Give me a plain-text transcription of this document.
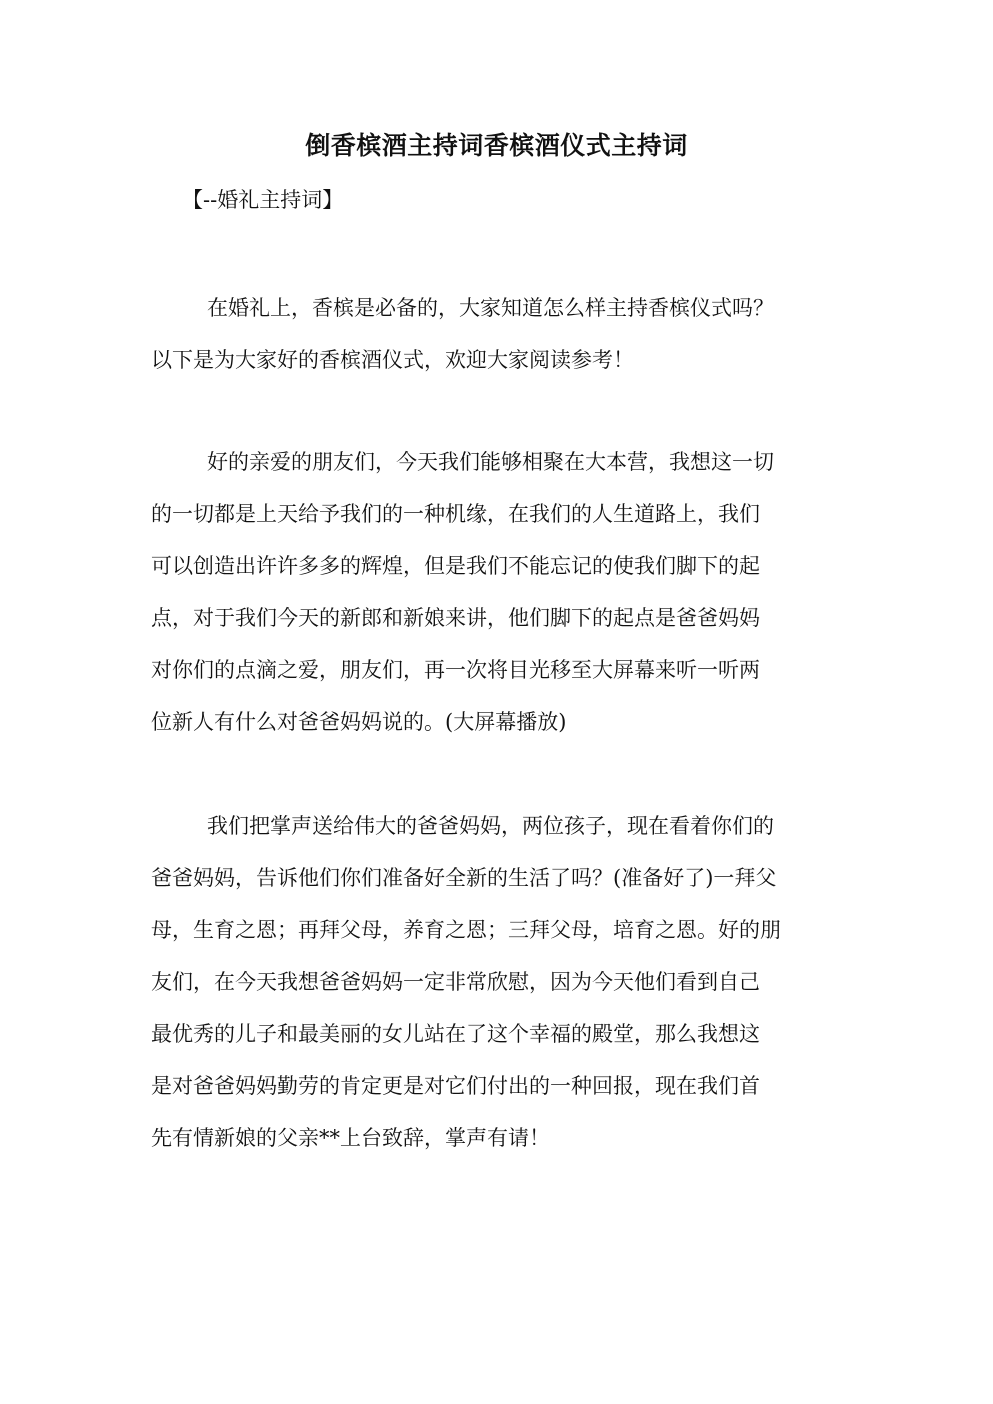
倒香槟酒主持词香槟酒仪式主持词
【--婚礼主持词】
在婚礼上，香槟是必备的，大家知道怎么样主持香槟仪式吗？
以下是为大家好的香槟酒仪式，欢迎大家阅读参考！
好的亲爱的朋友们，今天我们能够相聚在大本营，我想这一切
的一切都是上天给予我们的一种机缘，在我们的人生道路上，我们
可以创造出许许多多的辉煌，但是我们不能忘记的使我们脚下的起
点，对于我们今天的新郎和新娘来讲，他们脚下的起点是爸爸妈妈
对你们的点滴之爱，朋友们，再一次将目光移至大屏幕来听一听两
位新人有什么对爸爸妈妈说的。(大屏幕播放)
我们把掌声送给伟大的爸爸妈妈，两位孩子，现在看着你们的
爸爸妈妈，告诉他们你们准备好全新的生活了吗？(准备好了)一拜父
母，生育之恩；再拜父母，养育之恩；三拜父母，培育之恩。好的朋
友们，在今天我想爸爸妈妈一定非常欣慰，因为今天他们看到自己
最优秀的儿子和最美丽的女儿站在了这个幸福的殿堂，那么我想这
是对爸爸妈妈勤劳的肯定更是对它们付出的一种回报，现在我们首
先有情新娘的父亲**上台致辞，掌声有请！
